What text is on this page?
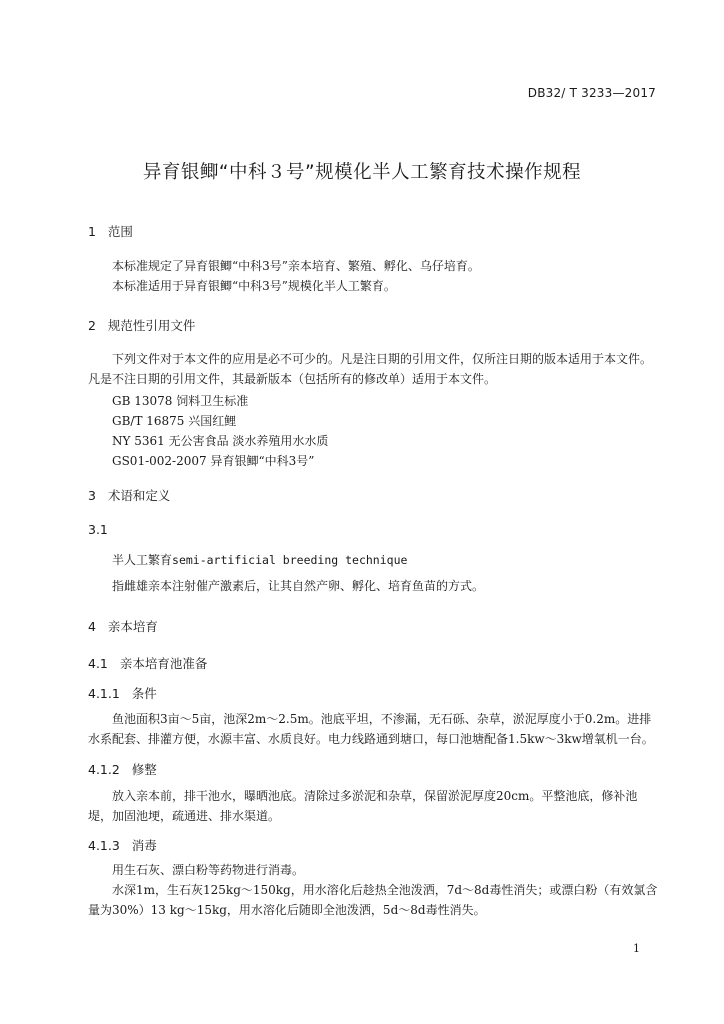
DB32/ T 3233—2017
异育银鲫“中科３号”规模化半人工繁育技术操作规程
1 范围
本标准规定了异育银鲫“中科3号”亲本培育、繁殖、孵化、乌仔培育。
本标准适用于异育银鲫“中科3号”规模化半人工繁育。
2 规范性引用文件
下列文件对于本文件的应用是必不可少的。凡是注日期的引用文件，仅所注日期的版本适用于本文件。凡是不注日期的引用文件，其最新版本（包括所有的修改单）适用于本文件。
GB 13078 饲料卫生标准
GB/T 16875 兴国红鲤
NY 5361 无公害食品 淡水养殖用水水质
GS01-002-2007 异育银鲫“中科3号”
3 术语和定义
3.1
半人工繁育semi-artificial breeding technique
指雌雄亲本注射催产激素后，让其自然产卵、孵化、培育鱼苗的方式。
4 亲本培育
4.1 亲本培育池准备
4.1.1 条件
鱼池面积3亩～5亩，池深2m～2.5m。池底平坦，不渗漏，无石砾、杂草，淤泥厚度小于0.2m。进排水系配套、排灌方便，水源丰富、水质良好。电力线路通到塘口，每口池塘配备1.5kw～3kw增氧机一台。
4.1.2 修整
放入亲本前，排干池水，曝晒池底。清除过多淤泥和杂草，保留淤泥厚度20cm。平整池底，修补池堤，加固池埂，疏通进、排水渠道。
4.1.3 消毒
用生石灰、漂白粉等药物进行消毒。
水深1m，生石灰125kg～150kg，用水溶化后趁热全池泼洒，7d～8d毒性消失；或漂白粉（有效氯含量为30%）13 kg～15kg，用水溶化后随即全池泼洒，5d～8d毒性消失。
1
